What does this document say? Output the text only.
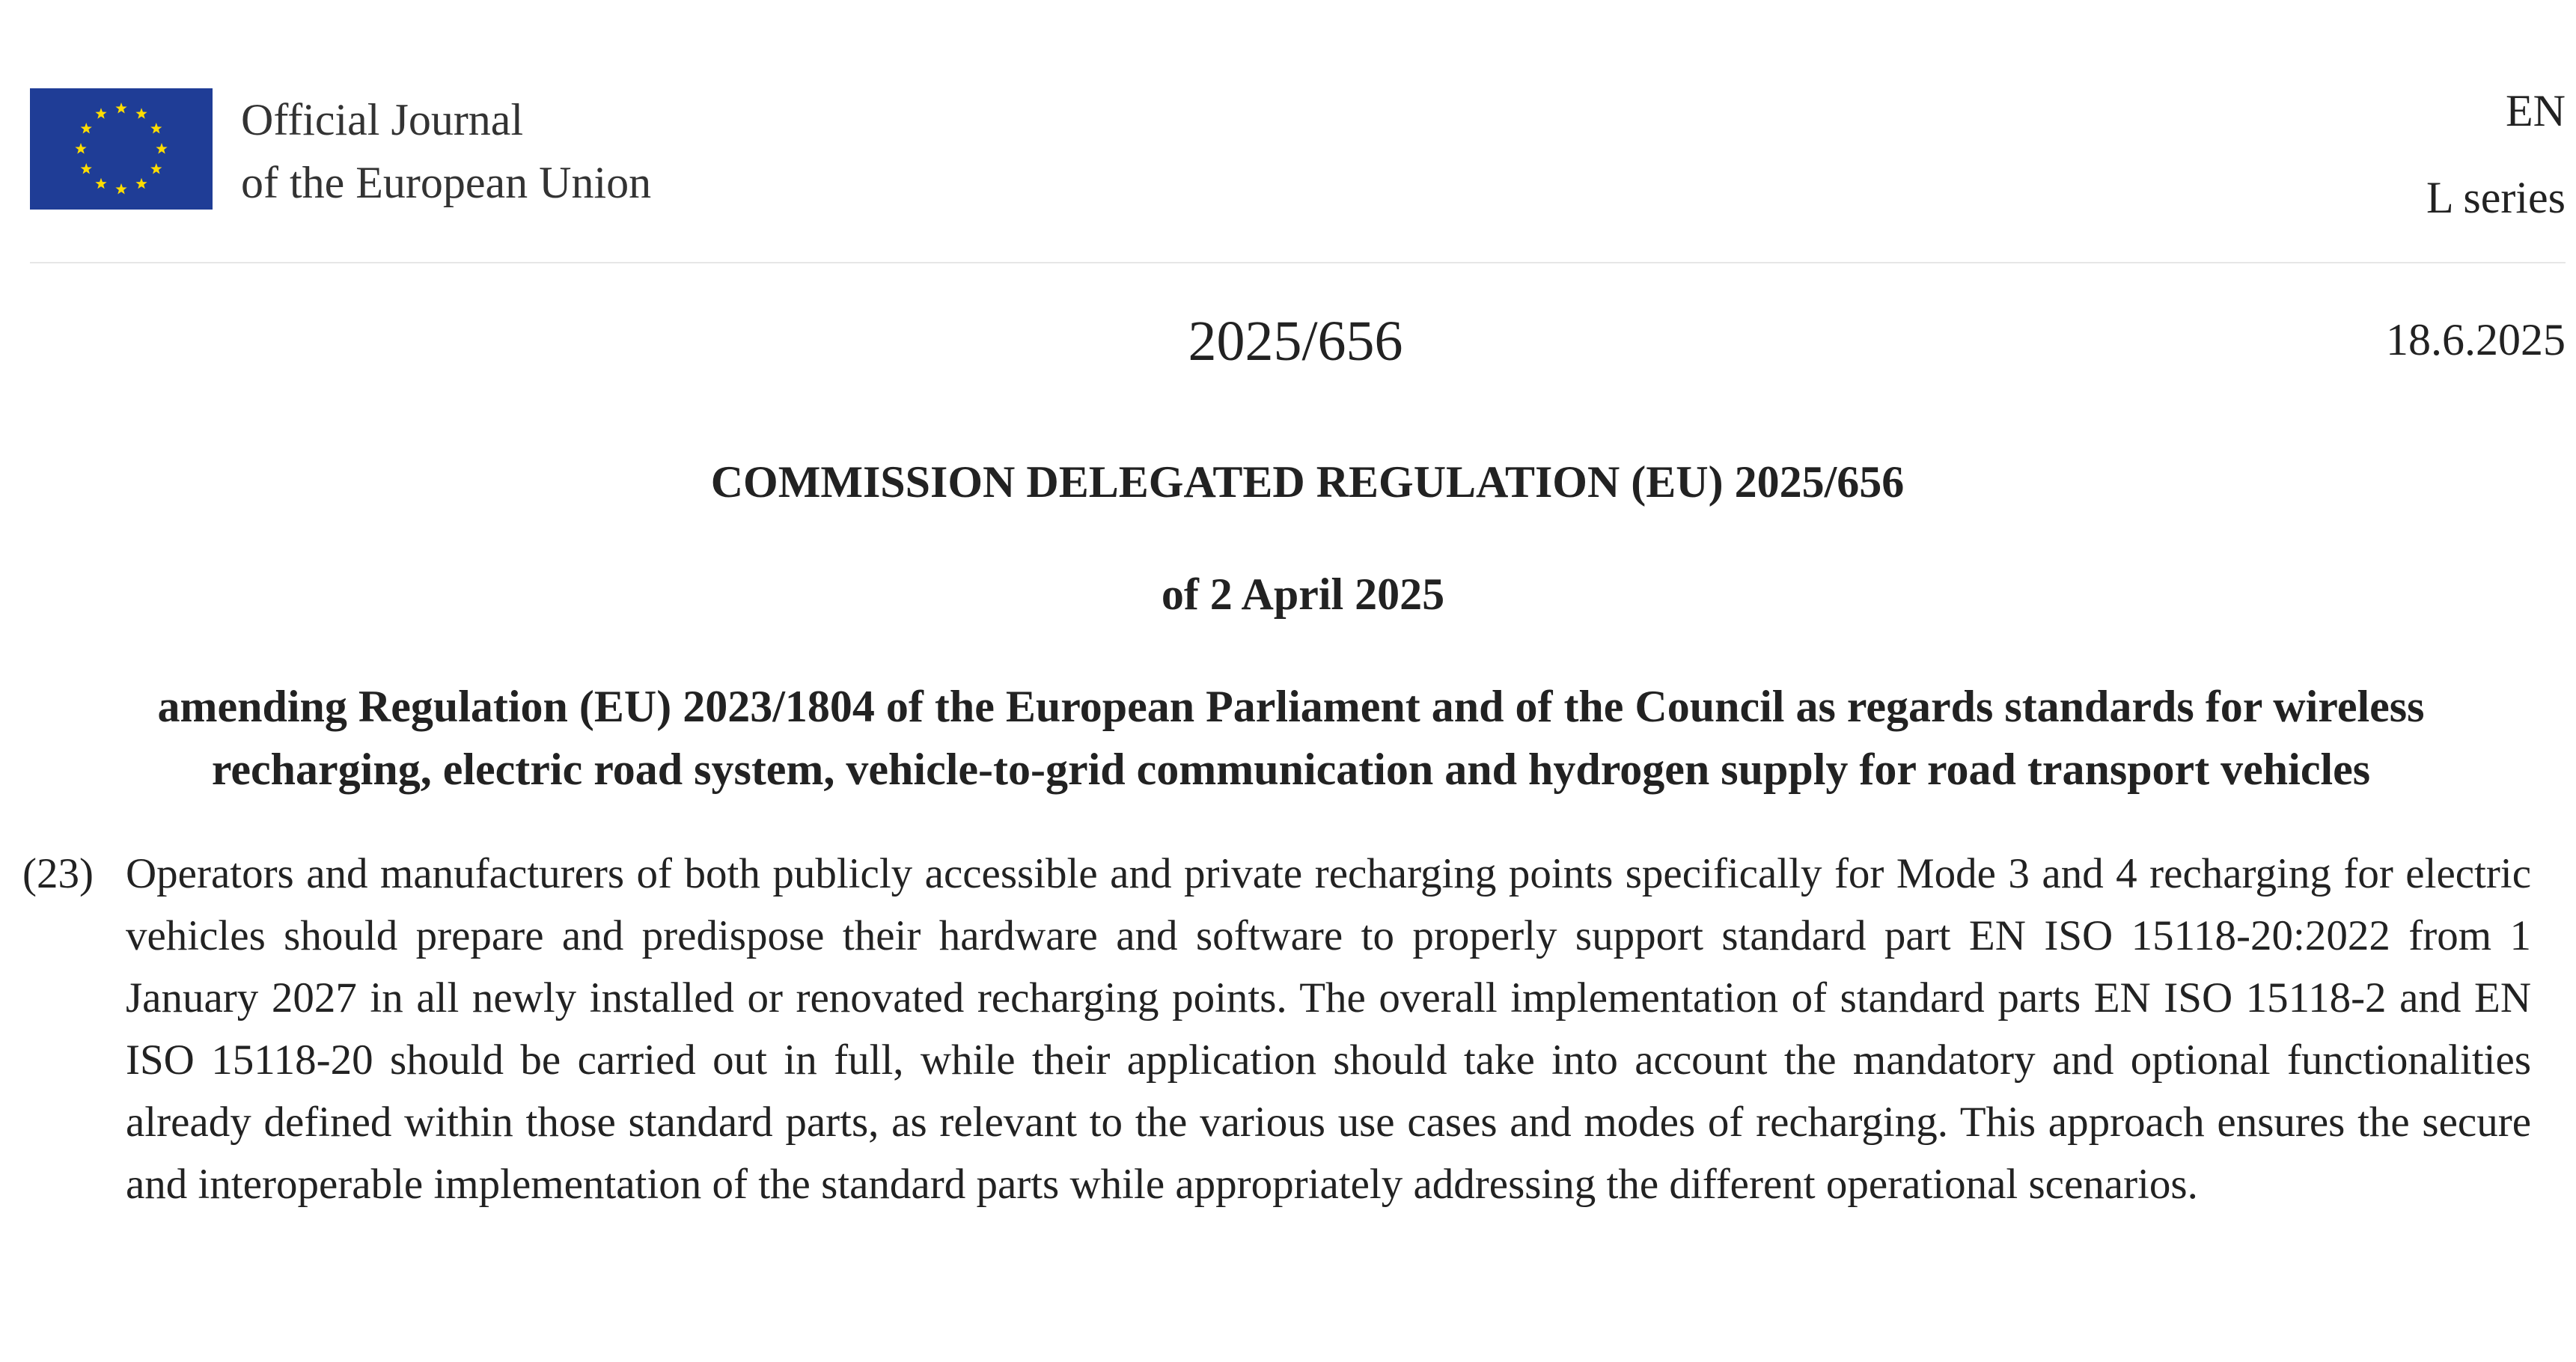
Official Journal
of the European Union
EN
L series
2025/656	18.6.2025
COMMISSION DELEGATED REGULATION (EU) 2025/656
of 2 April 2025
amending Regulation (EU) 2023/1804 of the European Parliament and of the Council as regards standards for wireless recharging, electric road system, vehicle-to-grid communication and hydrogen supply for road transport vehicles
(23) Operators and manufacturers of both publicly accessible and private recharging points specifically for Mode 3 and 4 recharging for electric vehicles should prepare and predispose their hardware and software to properly support standard part EN ISO 15118-20:2022 from 1 January 2027 in all newly installed or renovated recharging points. The overall implementation of standard parts EN ISO 15118-2 and EN ISO 15118-20 should be carried out in full, while their application should take into account the mandatory and optional functionalities already defined within those standard parts, as relevant to the various use cases and modes of recharging. This approach ensures the secure and interoperable implementation of the standard parts while appropriately addressing the different operational scenarios.
